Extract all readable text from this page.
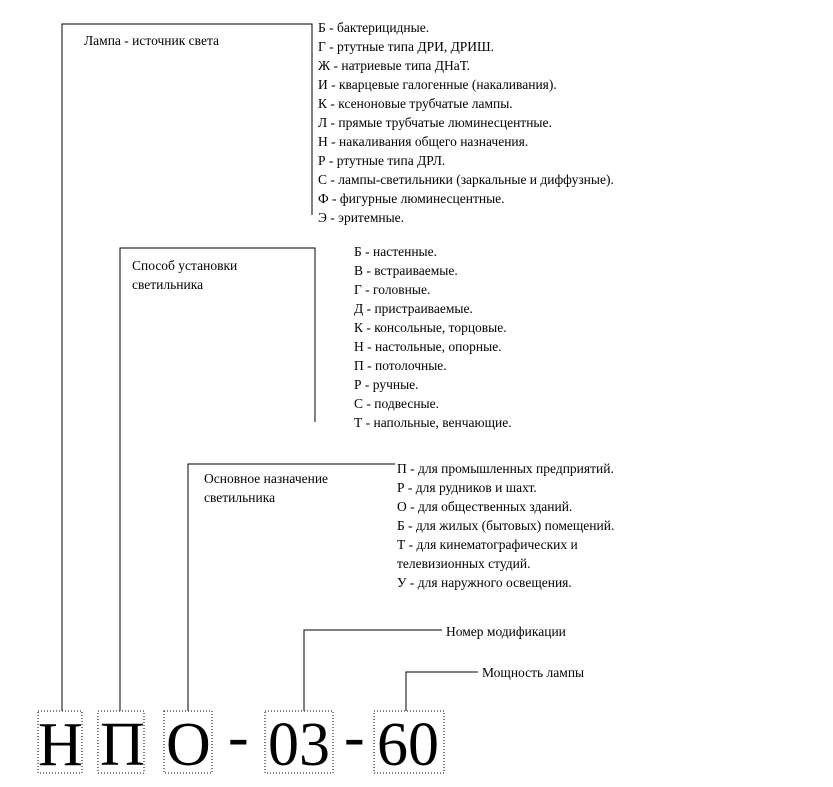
Лампа - источник света
Б - бактерицидные.
Г - ртутные типа ДРИ, ДРИШ.
Ж - натриевые типа ДНаТ.
И - кварцевые галогенные (накаливания).
К - ксеноновые трубчатые лампы.
Л - прямые трубчатые люминесцентные.
Н - накаливания общего назначения.
Р - ртутные типа ДРЛ.
С - лампы-светильники (заркальные и диффузные).
Ф - фигурные люминесцентные.
Э - эритемные.
Способ установки
светильника
Б - настенные.
В - встраиваемые.
Г - головные.
Д - пристраиваемые.
К - консольные, торцовые.
Н - настольные, опорные.
П - потолочные.
Р - ручные.
С - подвесные.
Т - напольные, венчающие.
Основное назначение
светильника
П - для промышленных предприятий.
Р - для рудников и шахт.
О - для общественных зданий.
Б - для жилых (бытовых) помещений.
Т - для кинематографических и
телевизионных студий.
У - для наружного освещения.
Номер модификации
Мощность лампы
Н П О - 03 - 60
